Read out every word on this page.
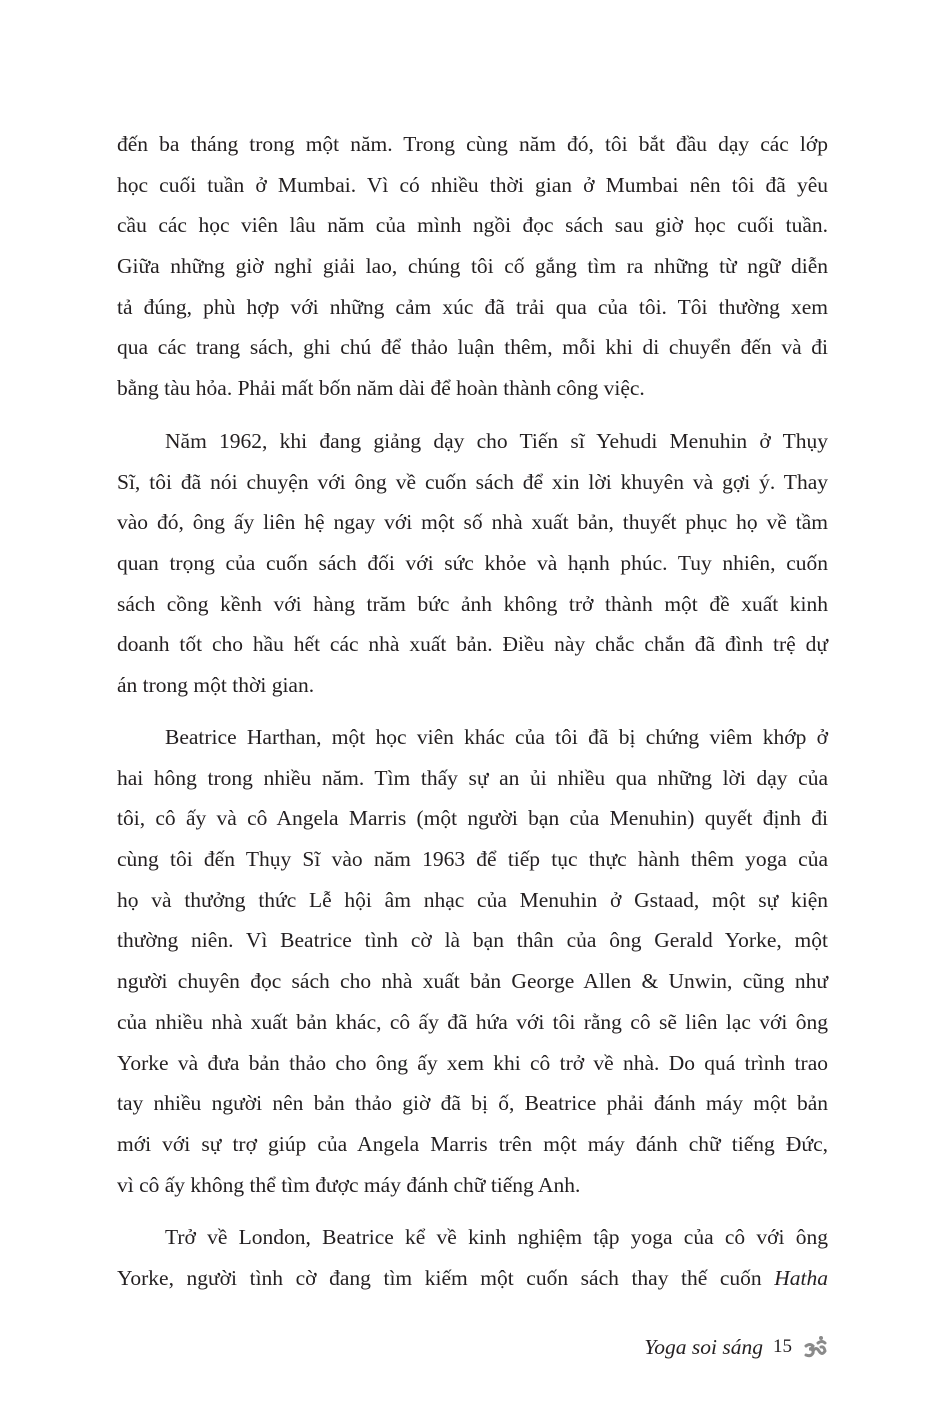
đến ba tháng trong một năm. Trong cùng năm đó, tôi bắt đầu dạy các lớp
học cuối tuần ở Mumbai. Vì có nhiều thời gian ở Mumbai nên tôi đã yêu
cầu các học viên lâu năm của mình ngồi đọc sách sau giờ học cuối tuần.
Giữa những giờ nghỉ giải lao, chúng tôi cố gắng tìm ra những từ ngữ diễn
tả đúng, phù hợp với những cảm xúc đã trải qua của tôi. Tôi thường xem
qua các trang sách, ghi chú để thảo luận thêm, mỗi khi di chuyển đến và đi
bằng tàu hỏa. Phải mất bốn năm dài để hoàn thành công việc.
Năm 1962, khi đang giảng dạy cho Tiến sĩ Yehudi Menuhin ở Thụy
Sĩ, tôi đã nói chuyện với ông về cuốn sách để xin lời khuyên và gợi ý. Thay
vào đó, ông ấy liên hệ ngay với một số nhà xuất bản, thuyết phục họ về tầm
quan trọng của cuốn sách đối với sức khỏe và hạnh phúc. Tuy nhiên, cuốn
sách cồng kềnh với hàng trăm bức ảnh không trở thành một đề xuất kinh
doanh tốt cho hầu hết các nhà xuất bản. Điều này chắc chắn đã đình trệ dự
án trong một thời gian.
Beatrice Harthan, một học viên khác của tôi đã bị chứng viêm khớp ở
hai hông trong nhiều năm. Tìm thấy sự an ủi nhiều qua những lời dạy của
tôi, cô ấy và cô Angela Marris (một người bạn của Menuhin) quyết định đi
cùng tôi đến Thụy Sĩ vào năm 1963 để tiếp tục thực hành thêm yoga của
họ và thưởng thức Lễ hội âm nhạc của Menuhin ở Gstaad, một sự kiện
thường niên. Vì Beatrice tình cờ là bạn thân của ông Gerald Yorke, một
người chuyên đọc sách cho nhà xuất bản George Allen & Unwin, cũng như
của nhiều nhà xuất bản khác, cô ấy đã hứa với tôi rằng cô sẽ liên lạc với ông
Yorke và đưa bản thảo cho ông ấy xem khi cô trở về nhà. Do quá trình trao
tay nhiều người nên bản thảo giờ đã bị ố, Beatrice phải đánh máy một bản
mới với sự trợ giúp của Angela Marris trên một máy đánh chữ tiếng Đức,
vì cô ấy không thể tìm được máy đánh chữ tiếng Anh.
Trở về London, Beatrice kể về kinh nghiệm tập yoga của cô với ông
Yorke, người tình cờ đang tìm kiếm một cuốn sách thay thế cuốn Hatha
Yoga soi sáng 15
